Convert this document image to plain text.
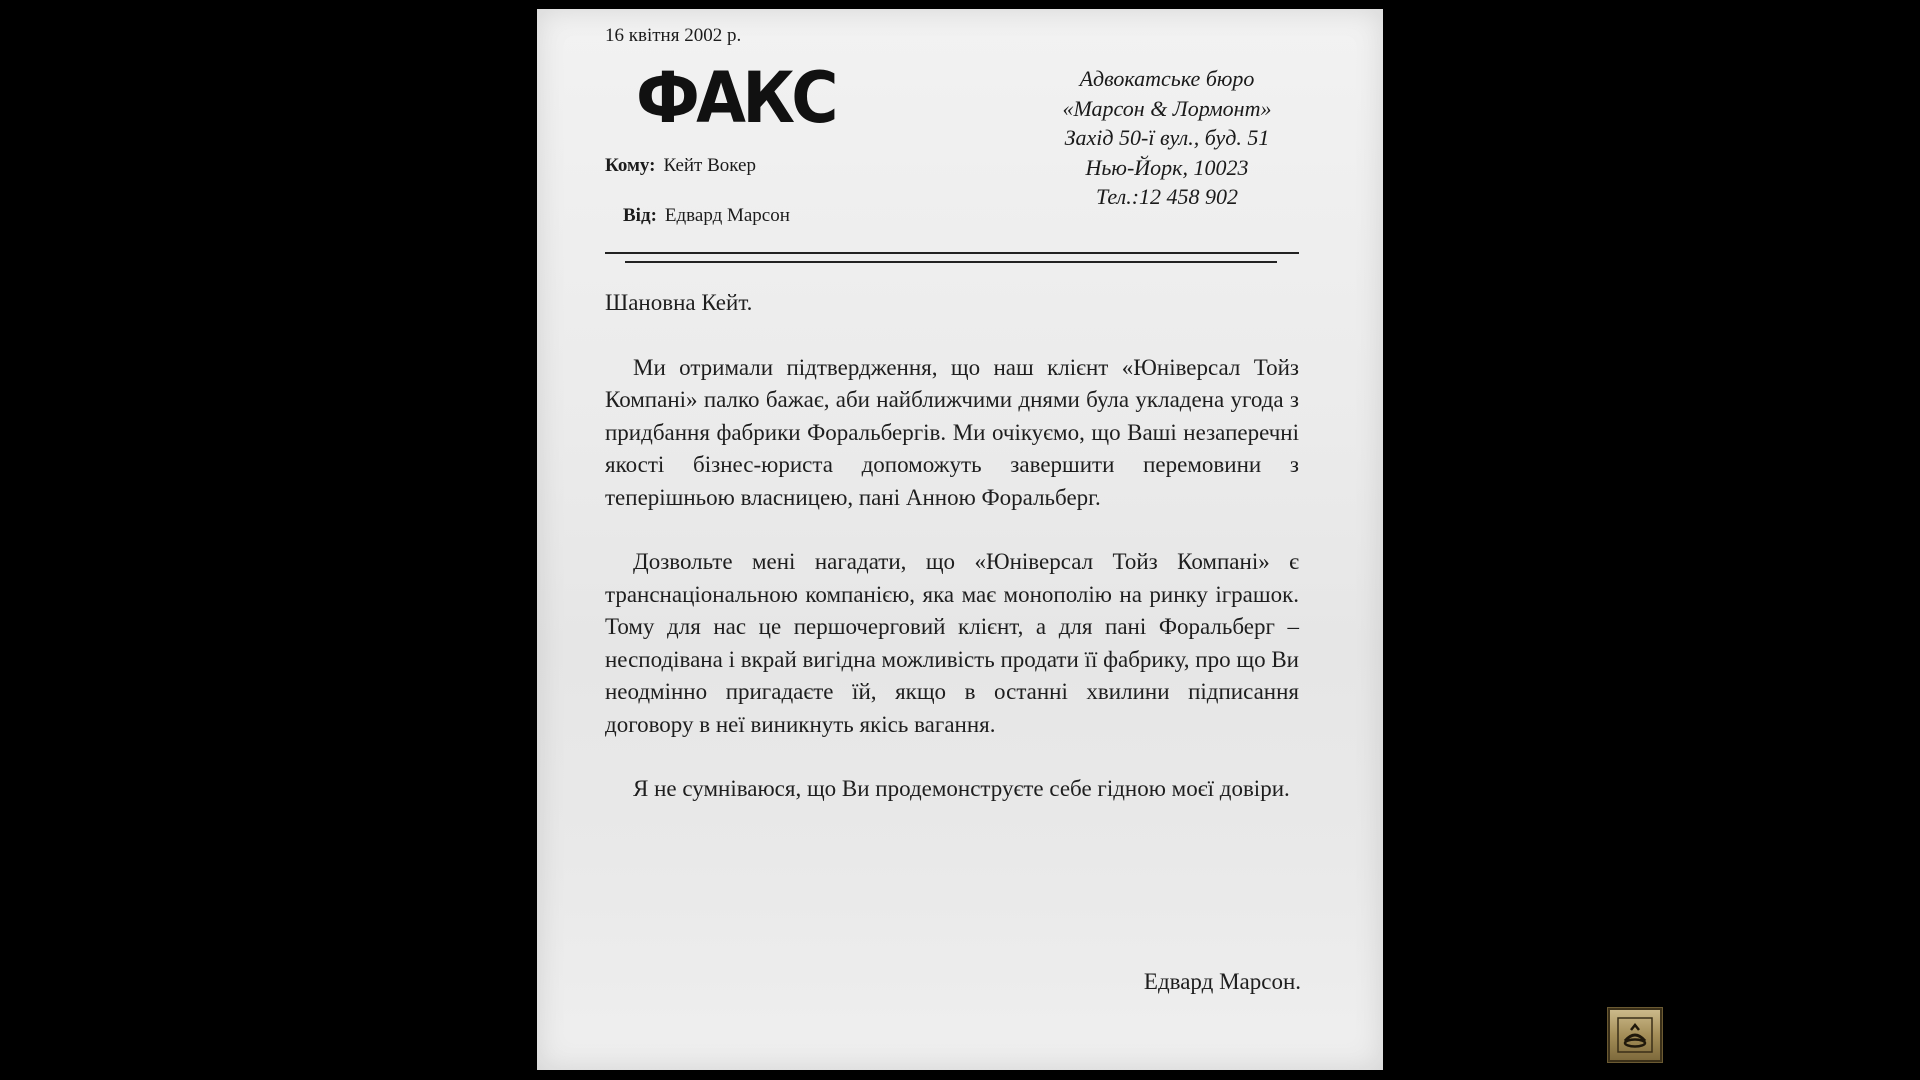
16 квітня 2002 р.
ФАКС
Кому: Кейт Вокер
Від: Едвард Марсон
Адвокатське бюро
«Марсон & Лормонт»
Захід 50-ї вул., буд. 51
Нью-Йорк, 10023
Тел.:12 458 902

Шановна Кейт.

Ми отримали підтвердження, що наш клієнт «Юніверсал Тойз Компані» палко бажає, аби найближчими днями була укладена угода з придбання фабрики Форальбергів. Ми очікуємо, що Ваші незаперечні якості бізнес-юриста допоможуть завершити перемовини з теперішньою власницею, пані Анною Форальберг.

Дозвольте мені нагадати, що «Юніверсал Тойз Компані» є транснаціональною компанією, яка має монополію на ринку іграшок. Тому для нас це першочерговий клієнт, а для пані Форальберг – несподівана і вкрай вигідна можливість продати її фабрику, про що Ви неодмінно пригадаєте їй, якщо в останні хвилини підписання договору в неї виникнуть якісь вагання.

Я не сумніваюся, що Ви продемонструєте себе гідною моєї довіри.

Едвард Марсон.
